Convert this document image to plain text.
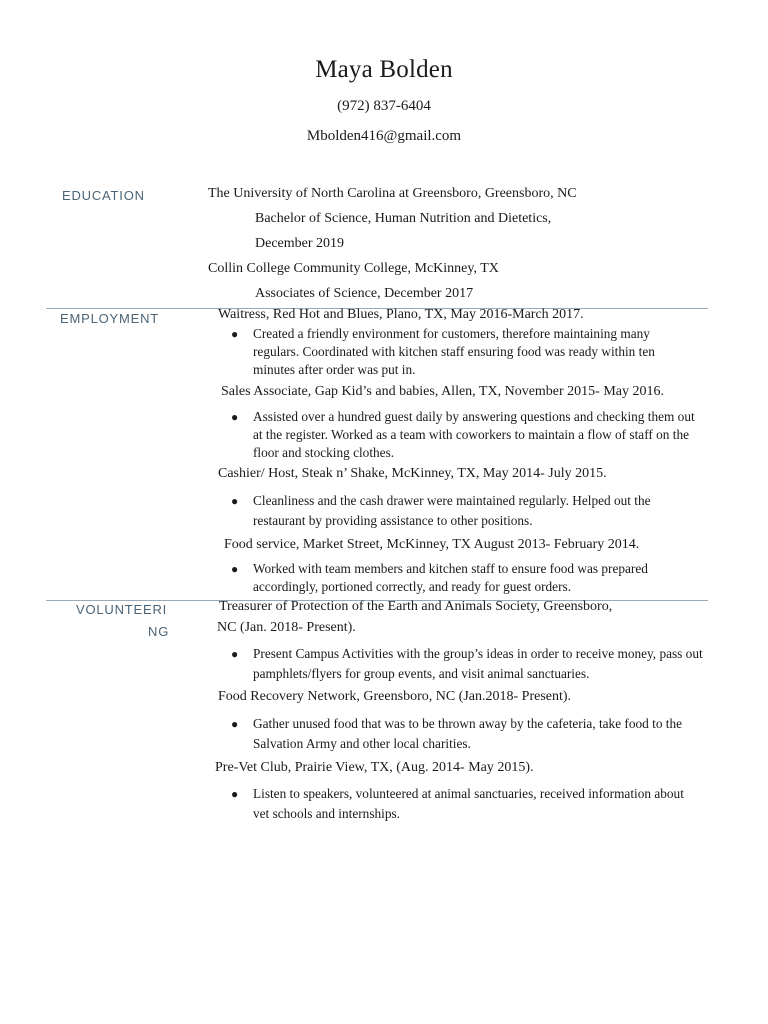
Maya Bolden
(972) 837-6404
Mbolden416@gmail.com
EDUCATION	The University of North Carolina at Greensboro, Greensboro, NC
Bachelor of Science, Human Nutrition and Dietetics,
December 2019
Collin College Community College, McKinney, TX
Associates of Science, December 2017
EMPLOYMENT	Waitress, Red Hot and Blues, Plano, TX, May 2016-March 2017.
● Created a friendly environment for customers, therefore maintaining many regulars. Coordinated with kitchen staff ensuring food was ready within ten minutes after order was put in.
Sales Associate, Gap Kid’s and babies, Allen, TX, November 2015- May 2016.
● Assisted over a hundred guest daily by answering questions and checking them out at the register. Worked as a team with coworkers to maintain a flow of staff on the floor and stocking clothes.
Cashier/ Host, Steak n’ Shake, McKinney, TX, May 2014- July 2015.
● Cleanliness and the cash drawer were maintained regularly. Helped out the restaurant by providing assistance to other positions.
Food service, Market Street, McKinney, TX August 2013- February 2014.
● Worked with team members and kitchen staff to ensure food was prepared accordingly, portioned correctly, and ready for guest orders.
VOLUNTEERI
NG
Treasurer of Protection of the Earth and Animals Society, Greensboro,
NC (Jan. 2018- Present).
● Present Campus Activities with the group’s ideas in order to receive money, pass out pamphlets/flyers for group events, and visit animal sanctuaries.
Food Recovery Network, Greensboro, NC (Jan.2018- Present).
● Gather unused food that was to be thrown away by the cafeteria, take food to the Salvation Army and other local charities.
Pre-Vet Club, Prairie View, TX, (Aug. 2014- May 2015).
● Listen to speakers, volunteered at animal sanctuaries, received information about vet schools and internships.
